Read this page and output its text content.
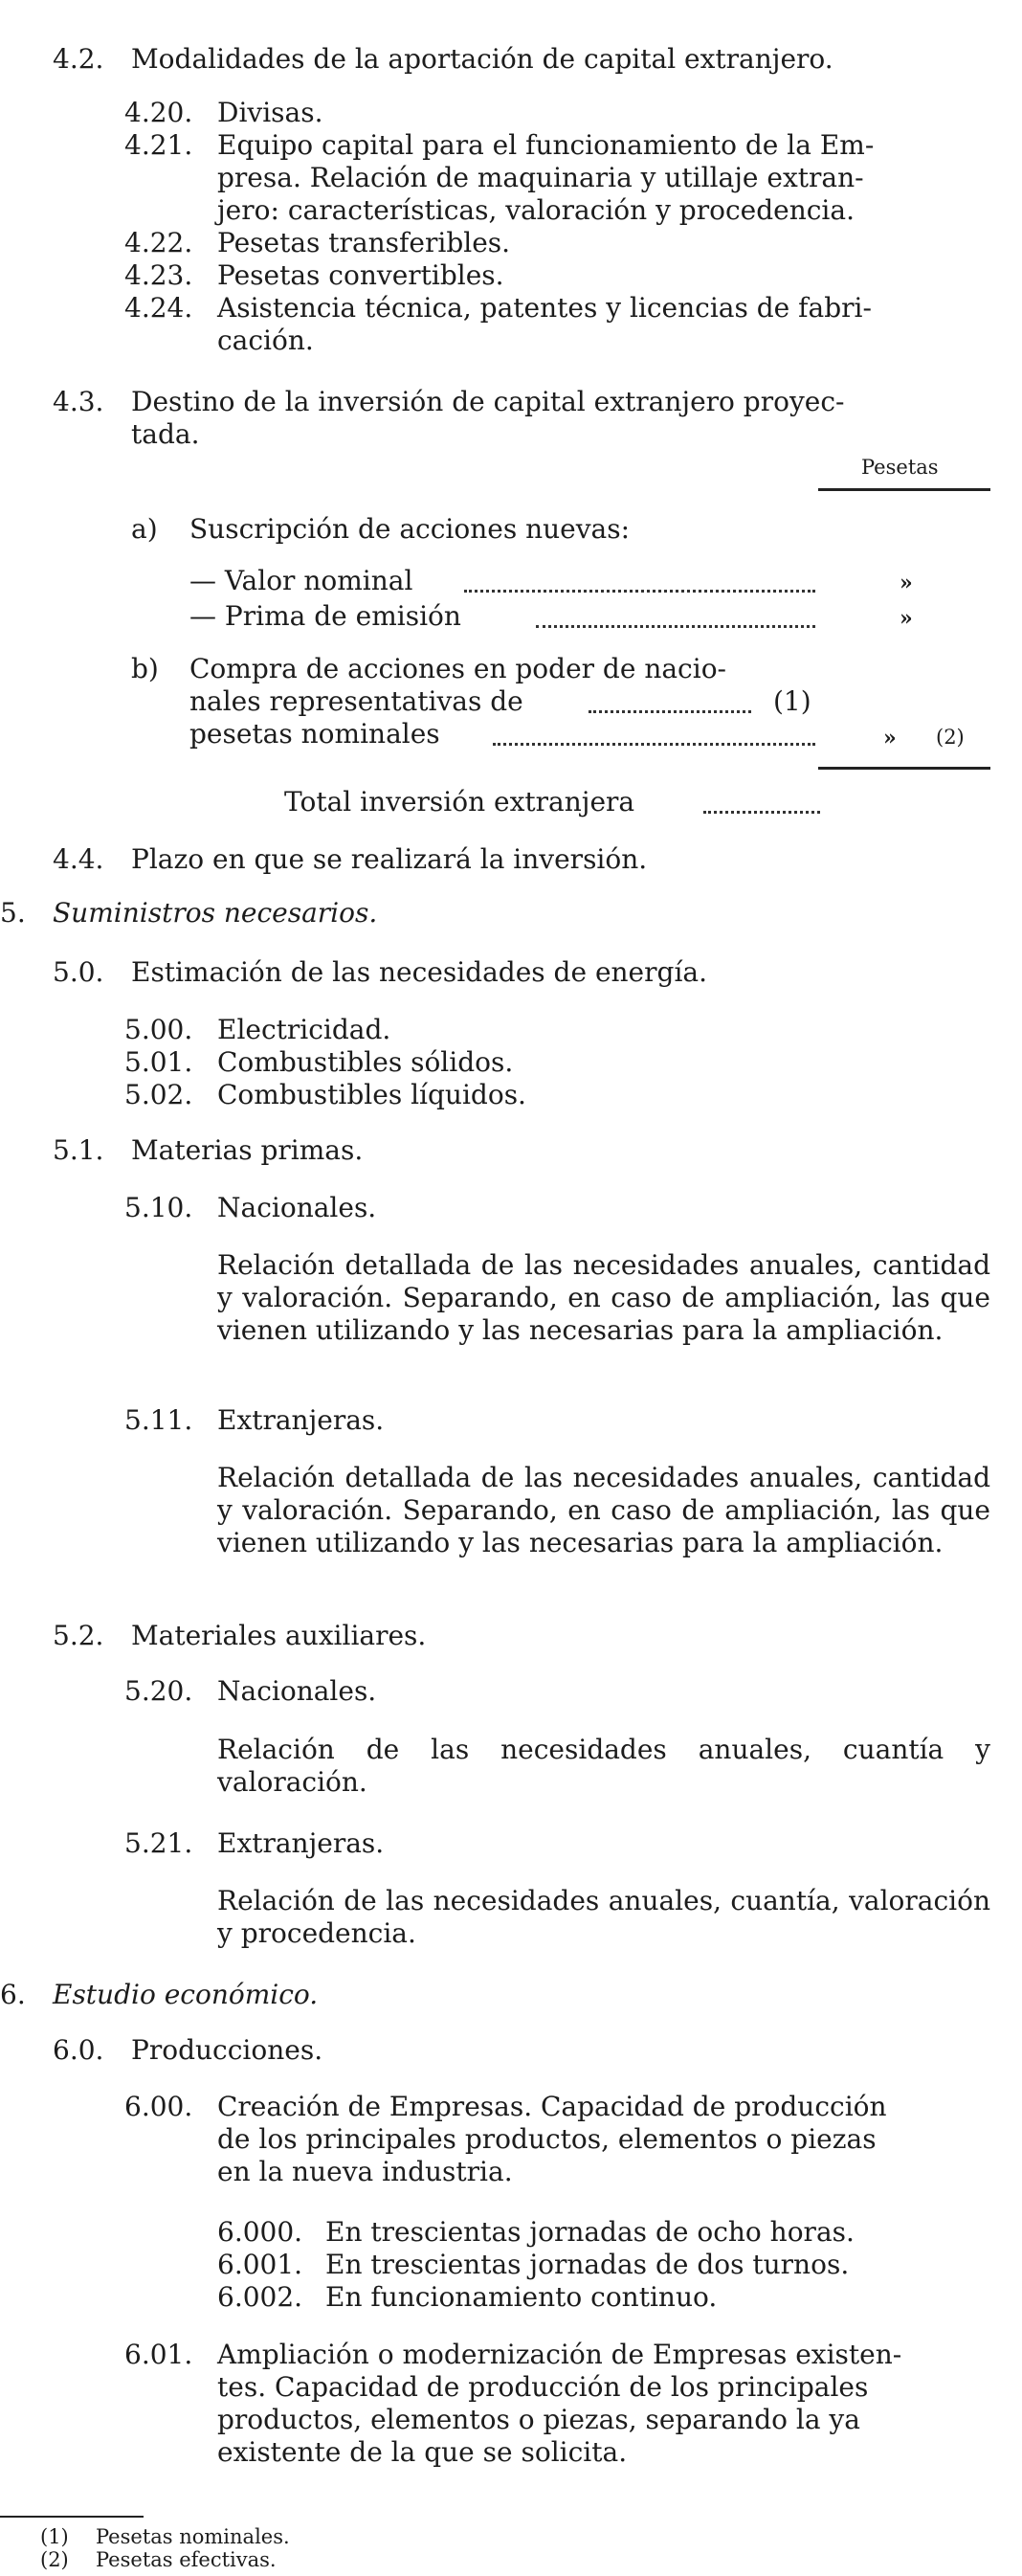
4.2. Modalidades de la aportación de capital extranjero.
4.20. Divisas.
4.21. Equipo capital para el funcionamiento de la Em-
presa. Relación de maquinaria y utillaje extran-
jero: características, valoración y procedencia.
4.22. Pesetas transferibles.
4.23. Pesetas convertibles.
4.24. Asistencia técnica, patentes y licencias de fabri-
cación.
4.3. Destino de la inversión de capital extranjero proyec-
tada.
Pesetas
a) Suscripción de acciones nuevas:
— Valor nominal	»
— Prima de emisión	»
b) Compra de acciones en poder de nacio-
nales representativas de	(1)
pesetas nominales	» (2)
Total inversión extranjera
4.4. Plazo en que se realizará la inversión.
5. Suministros necesarios.
5.0. Estimación de las necesidades de energía.
5.00. Electricidad.
5.01. Combustibles sólidos.
5.02. Combustibles líquidos.
5.1. Materias primas.
5.10. Nacionales.

Relación detallada de las necesidades anuales, cantidad y valoración. Separando, en caso de ampliación, las que vienen utilizando y las necesarias para la ampliación.

5.11. Extranjeras.

Relación detallada de las necesidades anuales, cantidad y valoración. Separando, en caso de ampliación, las que vienen utilizando y las necesarias para la ampliación.

5.2. Materiales auxiliares.
5.20. Nacionales.

Relación de las necesidades anuales, cuantía y valoración.

5.21. Extranjeras.

Relación de las necesidades anuales, cuantía, valoración y procedencia.

6. Estudio económico.
6.0. Producciones.
6.00. Creación de Empresas. Capacidad de producción
de los principales productos, elementos o piezas
en la nueva industria.
6.000. En trescientas jornadas de ocho horas.
6.001. En trescientas jornadas de dos turnos.
6.002. En funcionamiento continuo.
6.01. Ampliación o modernización de Empresas existen-
tes. Capacidad de producción de los principales
productos, elementos o piezas, separando la ya
existente de la que se solicita.
(1) Pesetas nominales.
(2) Pesetas efectivas.
